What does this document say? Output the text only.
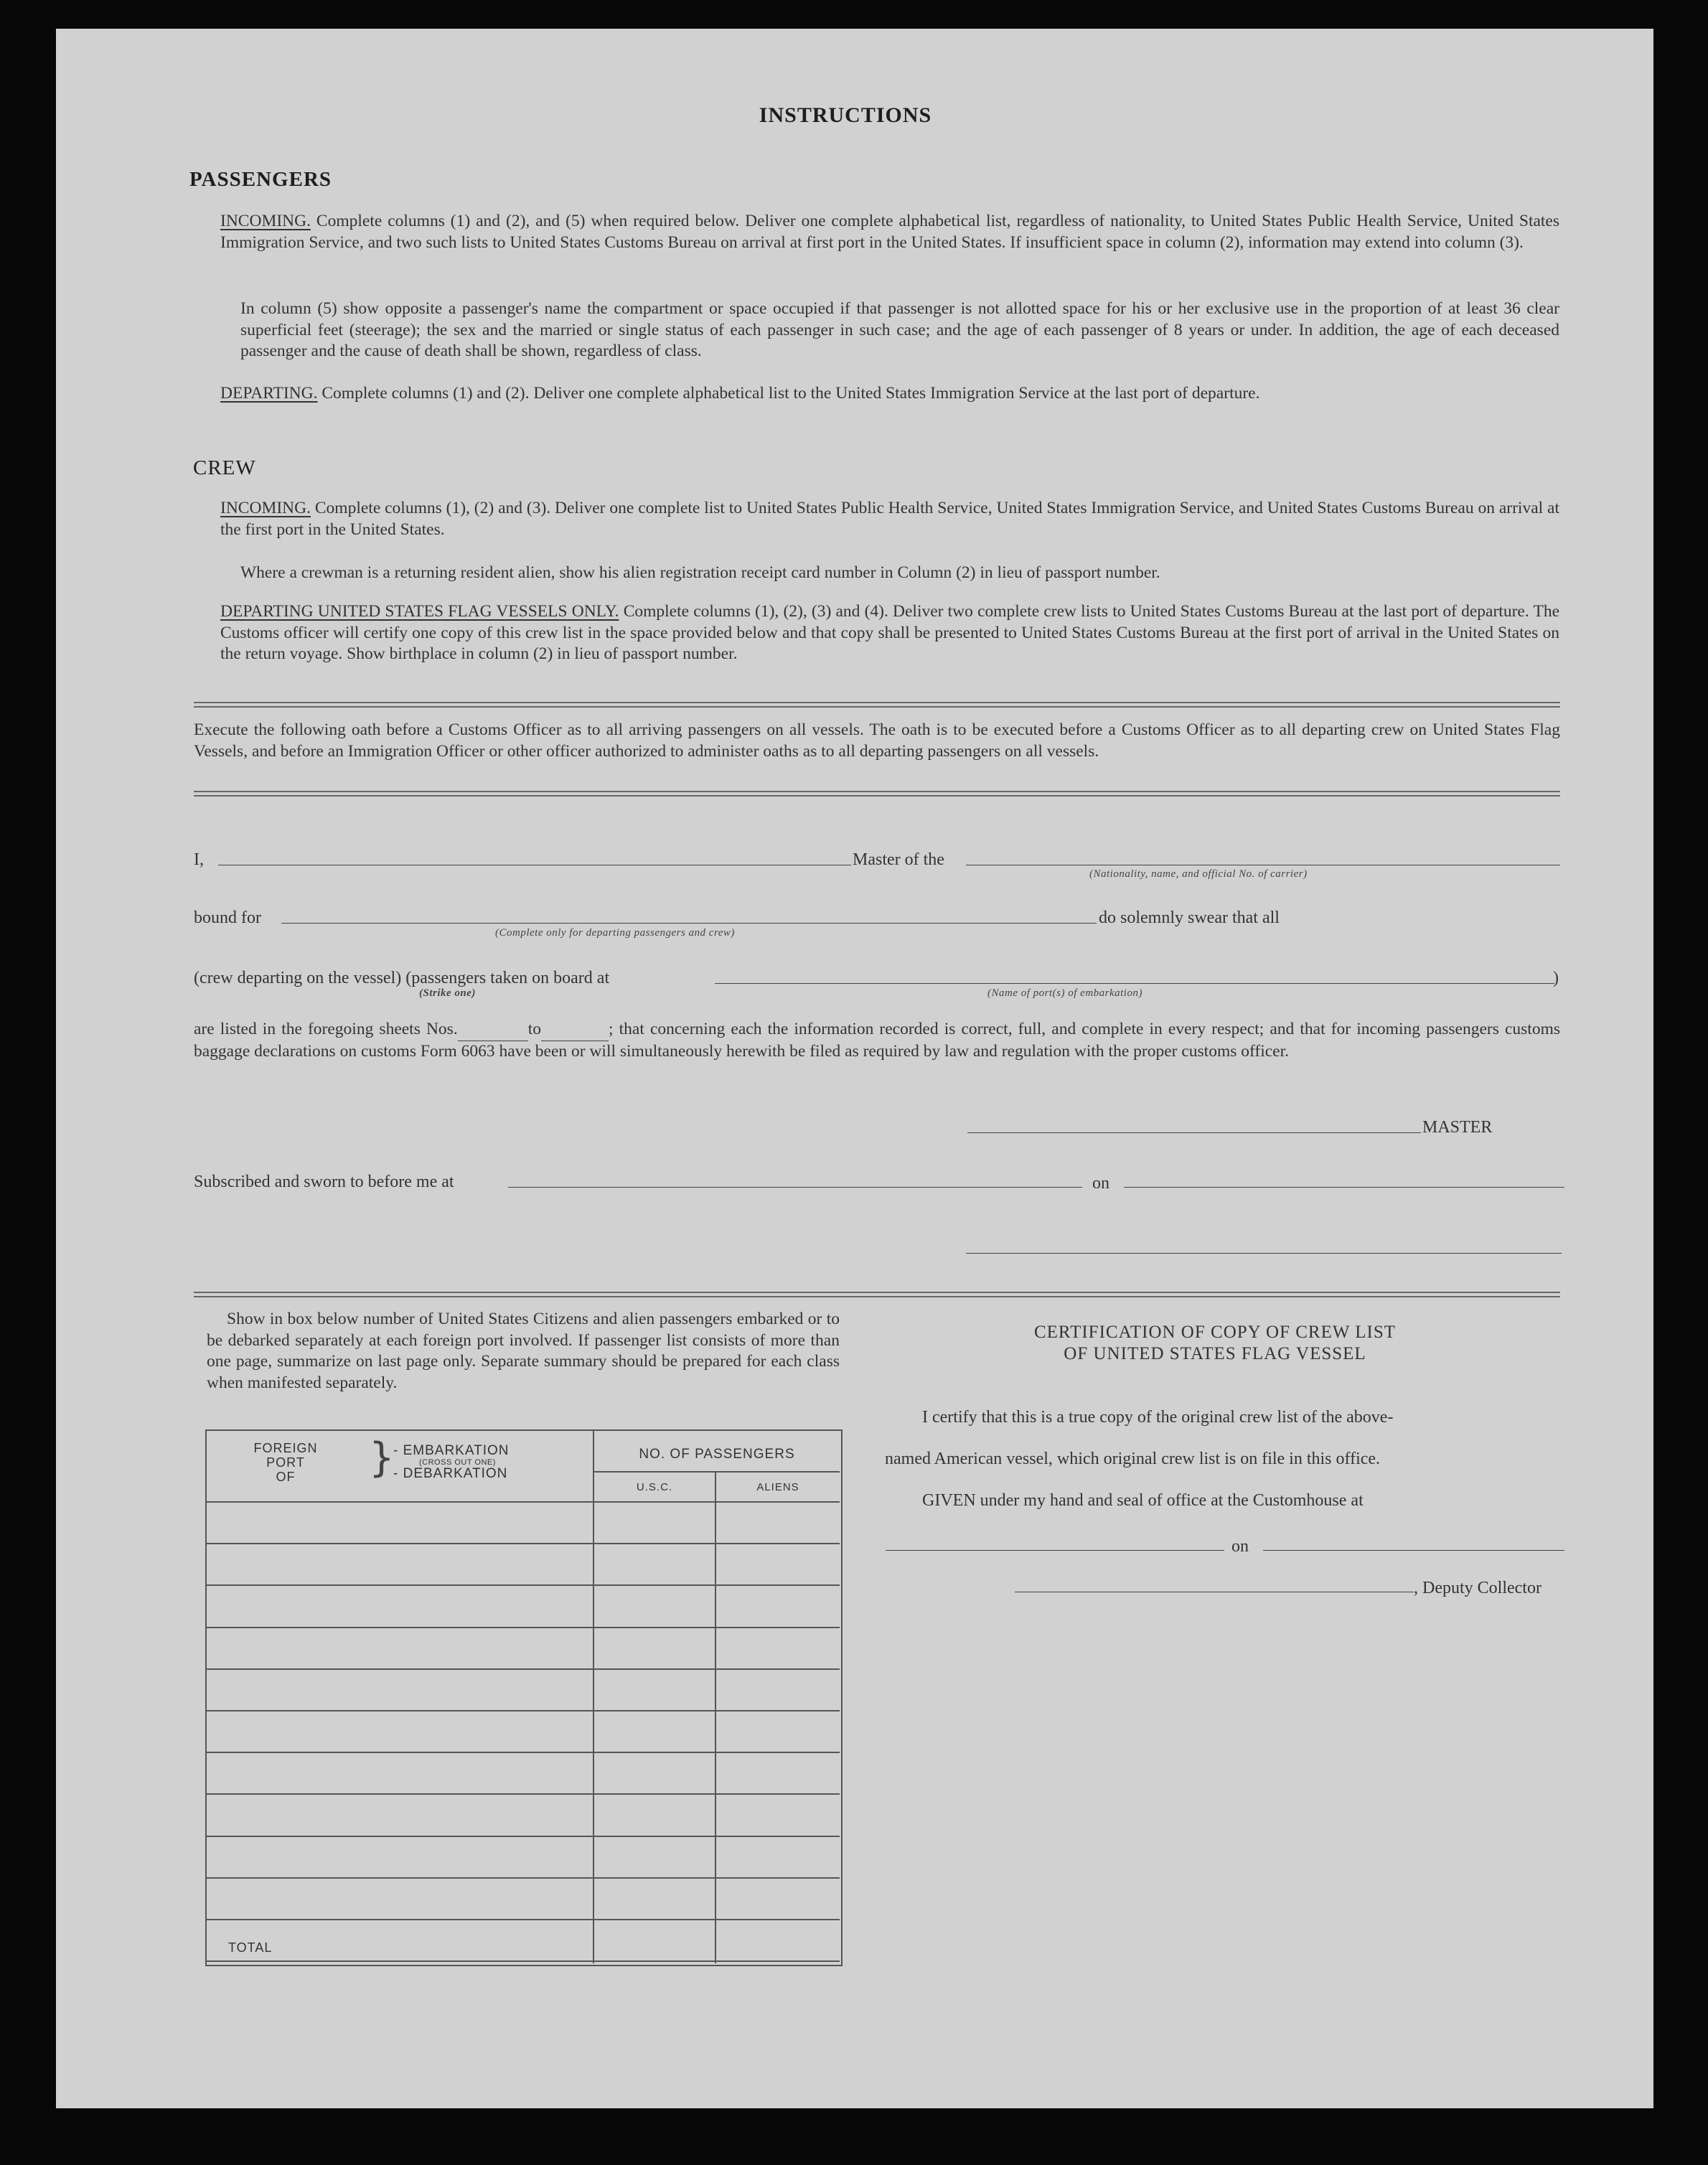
INSTRUCTIONS
PASSENGERS
INCOMING. Complete columns (1) and (2), and (5) when required below. Deliver one complete alphabetical list, regardless of nationality, to United States Public Health Service, United States Immigration Service, and two such lists to United States Customs Bureau on arrival at first port in the United States. If insufficient space in column (2), information may extend into column (3).
In column (5) show opposite a passenger's name the compartment or space occupied if that passenger is not allotted space for his or her exclusive use in the proportion of at least 36 clear superficial feet (steerage); the sex and the married or single status of each passenger in such case; and the age of each passenger of 8 years or under. In addition, the age of each deceased passenger and the cause of death shall be shown, regardless of class.
DEPARTING. Complete columns (1) and (2). Deliver one complete alphabetical list to the United States Immigration Service at the last port of departure.
CREW
INCOMING. Complete columns (1), (2) and (3). Deliver one complete list to United States Public Health Service, United States Immigration Service, and United States Customs Bureau on arrival at the first port in the United States.
Where a crewman is a returning resident alien, show his alien registration receipt card number in Column (2) in lieu of passport number.
DEPARTING UNITED STATES FLAG VESSELS ONLY. Complete columns (1), (2), (3) and (4). Deliver two complete crew lists to United States Customs Bureau at the last port of departure. The Customs officer will certify one copy of this crew list in the space provided below and that copy shall be presented to United States Customs Bureau at the first port of arrival in the United States on the return voyage. Show birthplace in column (2) in lieu of passport number.
Execute the following oath before a Customs Officer as to all arriving passengers on all vessels. The oath is to be executed before a Customs Officer as to all departing crew on United States Flag Vessels, and before an Immigration Officer or other officer authorized to administer oaths as to all departing passengers on all vessels.
I,	Master of the
(Nationality, name, and official No. of carrier)
bound for
(Complete only for departing passengers and crew)
do solemnly swear that all
(crew departing on the vessel) (passengers taken on board at
(Strike one)	(Name of port(s) of embarkation)
)
are listed in the foregoing sheets Nos.	to	; that concerning each the information recorded is correct, full, and complete in every respect; and that for incoming passengers customs baggage declarations on customs Form 6063 have been or will simultaneously herewith be filed as required by law and regulation with the proper customs officer.
MASTER
Subscribed and sworn to before me at	on
Show in box below number of United States Citizens and alien passengers embarked or to be debarked separately at each foreign port involved. If passenger list consists of more than one page, summarize on last page only. Separate summary should be prepared for each class when manifested separately.
FOREIGN
PORT
OF	}
- EMBARKATION
(CROSS OUT ONE)
- DEBARKATION
NO. OF PASSENGERS
U.S.C.	ALIENS
TOTAL
CERTIFICATION OF COPY OF CREW LIST
OF UNITED STATES FLAG VESSEL
I certify that this is a true copy of the original crew list of the above-
named American vessel, which original crew list is on file in this office.
GIVEN under my hand and seal of office at the Customhouse at
on
, Deputy Collector
